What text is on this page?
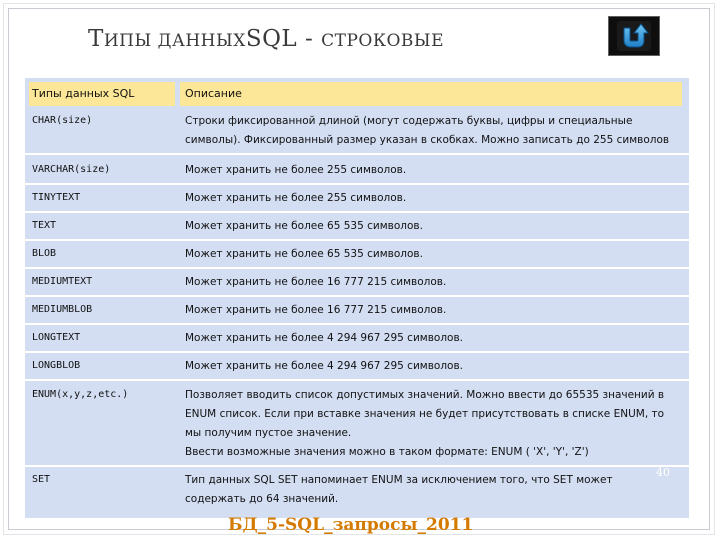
ТИПЫ ДАННЫХSQL - СТРОКОВЫЕ
Типы данных SQL	Описание
CHAR(size)	Строки фиксированной длиной (могут содержать буквы, цифры и специальные
символы). Фиксированный размер указан в скобках. Можно записать до 255 символов
VARCHAR(size)	Может хранить не более 255 символов.
TINYTEXT	Может хранить не более 255 символов.
TEXT	Может хранить не более 65 535 символов.
BLOB	Может хранить не более 65 535 символов.
MEDIUMTEXT	Может хранить не более 16 777 215 символов.
MEDIUMBLOB	Может хранить не более 16 777 215 символов.
LONGTEXT	Может хранить не более 4 294 967 295 символов.
LONGBLOB	Может хранить не более 4 294 967 295 символов.
ENUM(x,y,z,etc.)	Позволяет вводить список допустимых значений. Можно ввести до 65535 значений в
ENUM список. Если при вставке значения не будет присутствовать в списке ENUM, то
мы получим пустое значение.
Ввести возможные значения можно в таком формате: ENUM ( 'X', 'Y', 'Z')
SET	Тип данных SQL SET напоминает ENUM за исключением того, что SET может
содержать до 64 значений.
40
БД_5-SQL_запросы_2011
